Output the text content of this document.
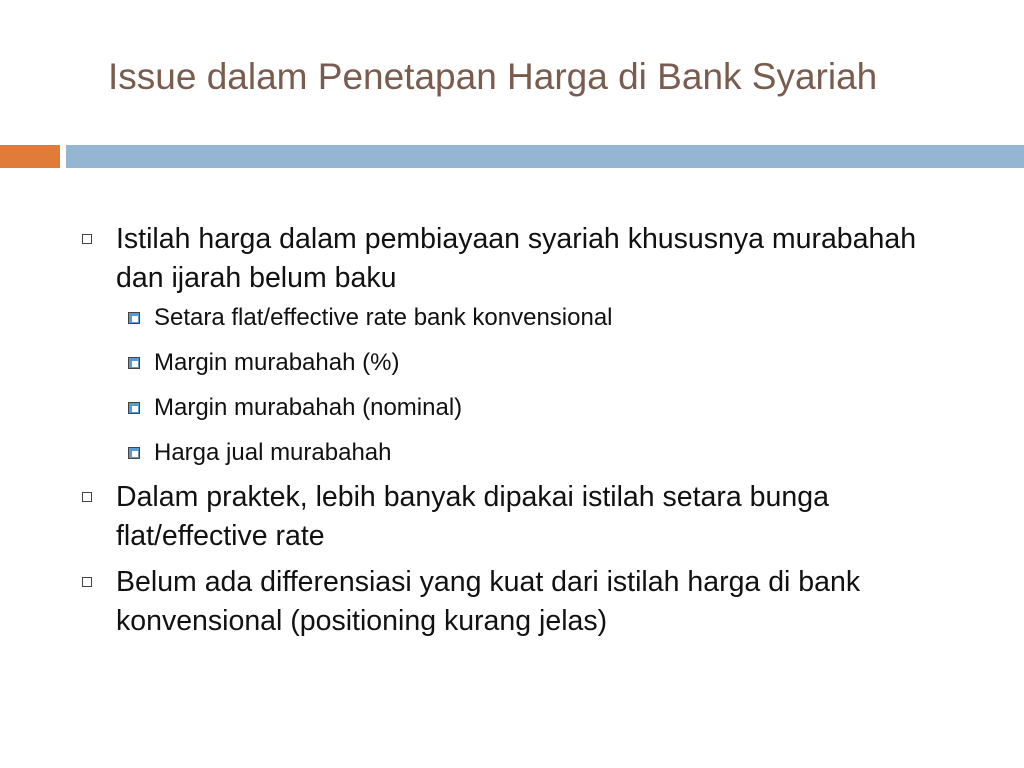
Issue dalam Penetapan Harga di Bank Syariah
Istilah harga dalam pembiayaan syariah khususnya murabahah dan ijarah belum baku
Setara flat/effective rate bank konvensional
Margin murabahah (%)
Margin murabahah (nominal)
Harga jual murabahah
Dalam praktek, lebih banyak dipakai istilah setara bunga flat/effective rate
Belum ada differensiasi yang kuat dari istilah harga di bank konvensional (positioning kurang jelas)
